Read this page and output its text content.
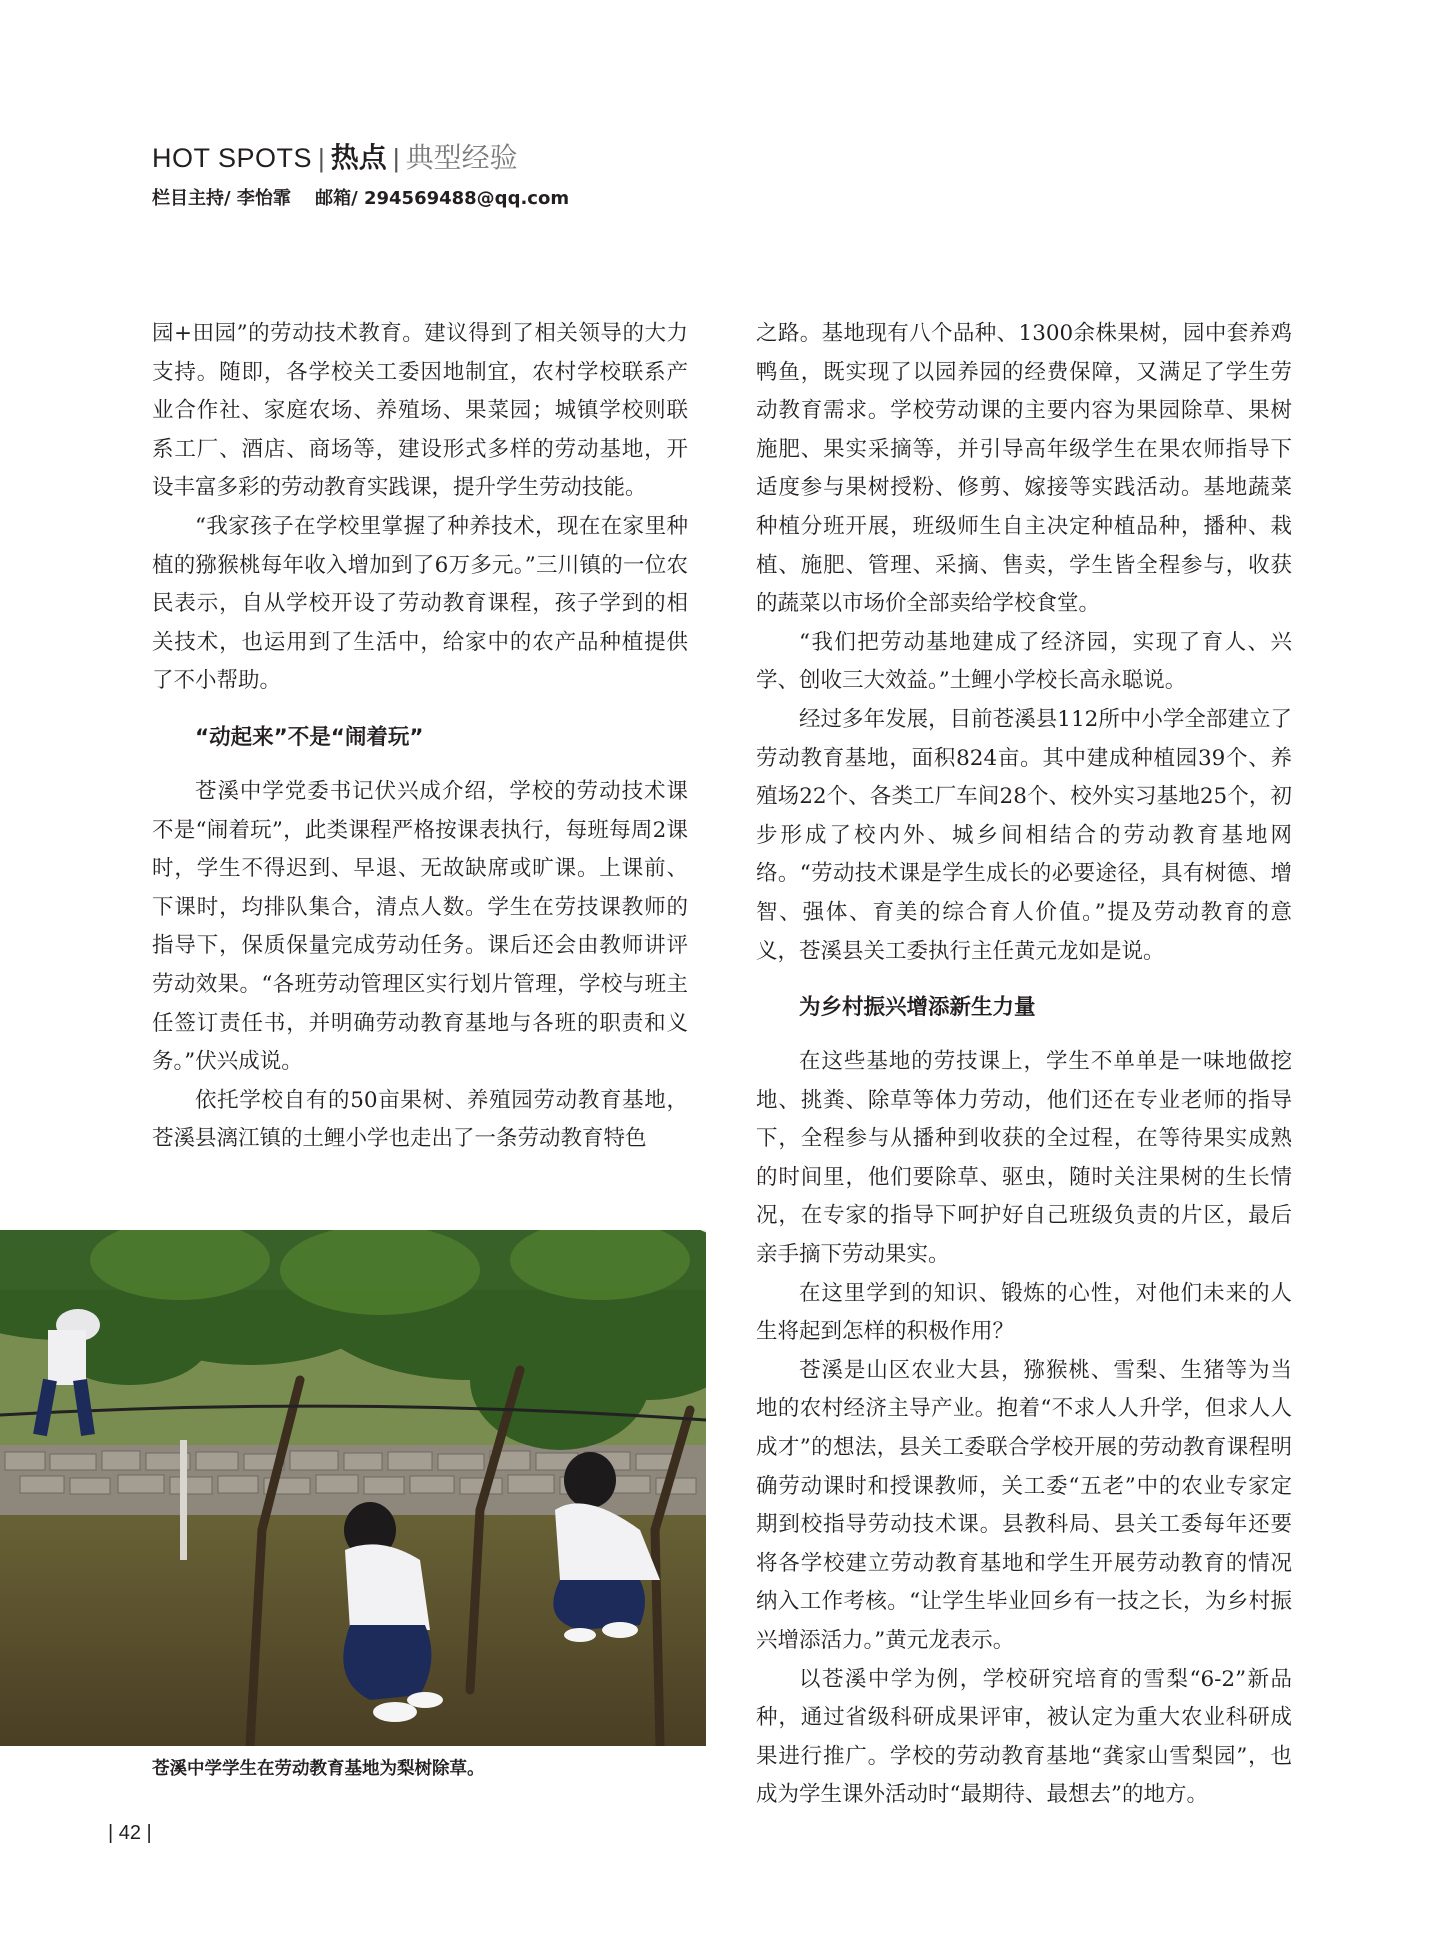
HOT SPOTS | 热点 | 典型经验
栏目主持/ 李怡霏 邮箱/ 294569488@qq.com

园+田园”的劳动技术教育。建议得到了相关领导的大力支持。随即，各学校关工委因地制宜，农村学校联系产业合作社、家庭农场、养殖场、果菜园；城镇学校则联系工厂、酒店、商场等，建设形式多样的劳动基地，开设丰富多彩的劳动教育实践课，提升学生劳动技能。

“我家孩子在学校里掌握了种养技术，现在在家里种植的猕猴桃每年收入增加到了6万多元。”三川镇的一位农民表示，自从学校开设了劳动教育课程，孩子学到的相关技术，也运用到了生活中，给家中的农产品种植提供了不小帮助。

“动起来”不是“闹着玩”

苍溪中学党委书记伏兴成介绍，学校的劳动技术课不是“闹着玩”，此类课程严格按课表执行，每班每周2课时，学生不得迟到、早退、无故缺席或旷课。上课前、下课时，均排队集合，清点人数。学生在劳技课教师的指导下，保质保量完成劳动任务。课后还会由教师讲评劳动效果。“各班劳动管理区实行划片管理，学校与班主任签订责任书，并明确劳动教育基地与各班的职责和义务。”伏兴成说。

依托学校自有的50亩果树、养殖园劳动教育基地，苍溪县漓江镇的土鲤小学也走出了一条劳动教育特色

之路。基地现有八个品种、1300余株果树，园中套养鸡鸭鱼，既实现了以园养园的经费保障，又满足了学生劳动教育需求。学校劳动课的主要内容为果园除草、果树施肥、果实采摘等，并引导高年级学生在果农师指导下适度参与果树授粉、修剪、嫁接等实践活动。基地蔬菜种植分班开展，班级师生自主决定种植品种，播种、栽植、施肥、管理、采摘、售卖，学生皆全程参与，收获的蔬菜以市场价全部卖给学校食堂。

“我们把劳动基地建成了经济园，实现了育人、兴学、创收三大效益。”土鲤小学校长高永聪说。

经过多年发展，目前苍溪县112所中小学全部建立了劳动教育基地，面积824亩。其中建成种植园39个、养殖场22个、各类工厂车间28个、校外实习基地25个，初步形成了校内外、城乡间相结合的劳动教育基地网络。“劳动技术课是学生成长的必要途径，具有树德、增智、强体、育美的综合育人价值。”提及劳动教育的意义，苍溪县关工委执行主任黄元龙如是说。

为乡村振兴增添新生力量

在这些基地的劳技课上，学生不单单是一味地做挖地、挑粪、除草等体力劳动，他们还在专业老师的指导下，全程参与从播种到收获的全过程，在等待果实成熟的时间里，他们要除草、驱虫，随时关注果树的生长情况，在专家的指导下呵护好自己班级负责的片区，最后亲手摘下劳动果实。

在这里学到的知识、锻炼的心性，对他们未来的人生将起到怎样的积极作用？

苍溪是山区农业大县，猕猴桃、雪梨、生猪等为当地的农村经济主导产业。抱着“不求人人升学，但求人人成才”的想法，县关工委联合学校开展的劳动教育课程明确劳动课时和授课教师，关工委“五老”中的农业专家定期到校指导劳动技术课。县教科局、县关工委每年还要将各学校建立劳动教育基地和学生开展劳动教育的情况纳入工作考核。“让学生毕业回乡有一技之长，为乡村振兴增添活力。”黄元龙表示。

以苍溪中学为例，学校研究培育的雪梨“6-2”新品种，通过省级科研成果评审，被认定为重大农业科研成果进行推广。学校的劳动教育基地“龚家山雪梨园”，也成为学生课外活动时“最期待、最想去”的地方。

苍溪中学学生在劳动教育基地为梨树除草。
| 42 |
